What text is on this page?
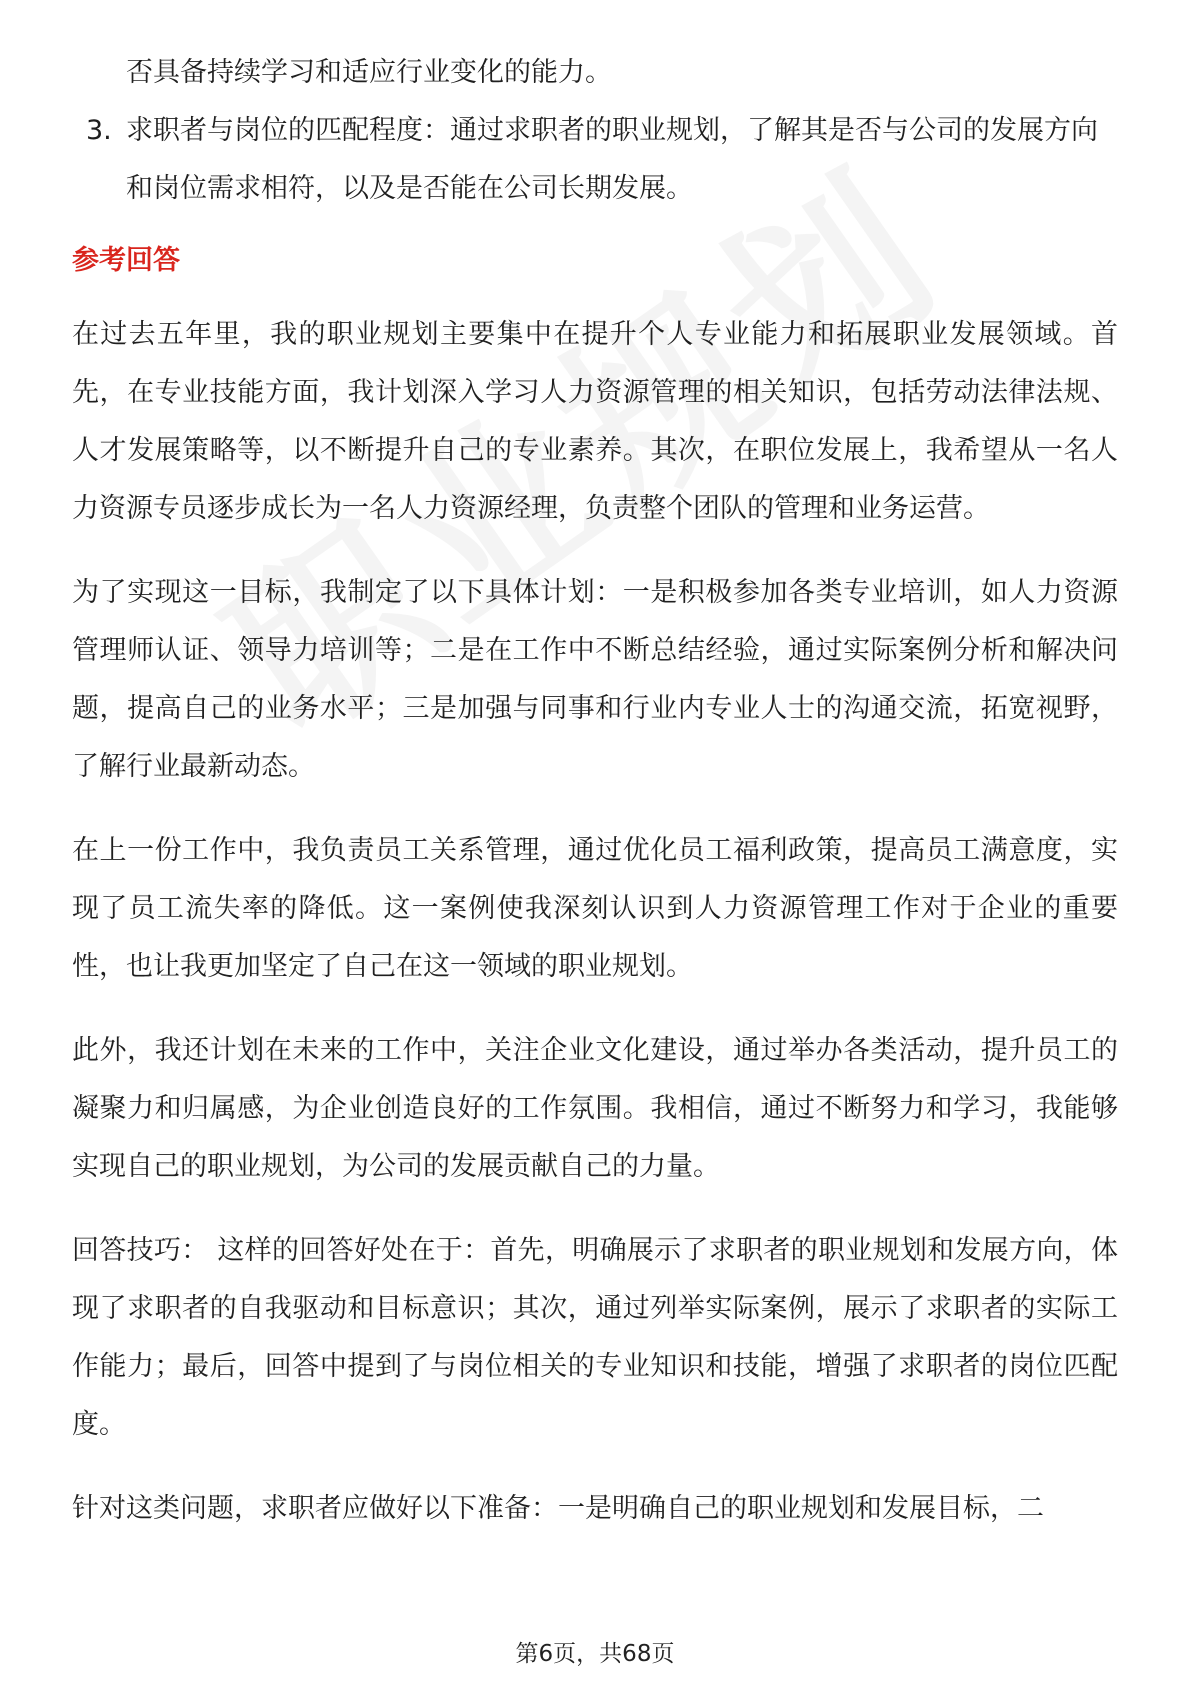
否具备持续学习和适应行业变化的能力。

3. 求职者与岗位的匹配程度：通过求职者的职业规划，了解其是否与公司的发展方向和岗位需求相符，以及是否能在公司长期发展。
参考回答

在过去五年里，我的职业规划主要集中在提升个人专业能力和拓展职业发展领域。首先，在专业技能方面，我计划深入学习人力资源管理的相关知识，包括劳动法律法规、人才发展策略等，以不断提升自己的专业素养。其次，在职位发展上，我希望从一名人力资源专员逐步成长为一名人力资源经理，负责整个团队的管理和业务运营。

为了实现这一目标，我制定了以下具体计划：一是积极参加各类专业培训，如人力资源管理师认证、领导力培训等；二是在工作中不断总结经验，通过实际案例分析和解决问题，提高自己的业务水平；三是加强与同事和行业内专业人士的沟通交流，拓宽视野，了解行业最新动态。

在上一份工作中，我负责员工关系管理，通过优化员工福利政策，提高员工满意度，实现了员工流失率的降低。这一案例使我深刻认识到人力资源管理工作对于企业的重要性，也让我更加坚定了自己在这一领域的职业规划。

此外，我还计划在未来的工作中，关注企业文化建设，通过举办各类活动，提升员工的凝聚力和归属感，为企业创造良好的工作氛围。我相信，通过不断努力和学习，我能够实现自己的职业规划，为公司的发展贡献自己的力量。

回答技巧： 这样的回答好处在于：首先，明确展示了求职者的职业规划和发展方向，体现了求职者的自我驱动和目标意识；其次，通过列举实际案例，展示了求职者的实际工作能力；最后，回答中提到了与岗位相关的专业知识和技能，增强了求职者的岗位匹配度。

针对这类问题，求职者应做好以下准备：一是明确自己的职业规划和发展目标，二

第6页，共68页
